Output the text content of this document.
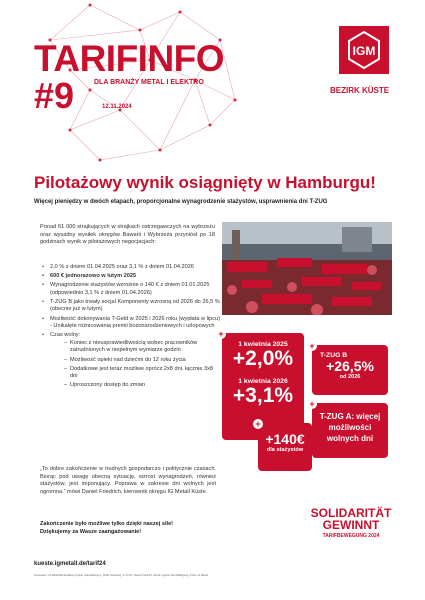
TARIFINFO
#9	DLA BRANŻY METAL I ELEKTRO
12.11.2024
IGM
BEZIRK KÜSTE
Pilotażowy wynik osiągnięty w Hamburgu!
Więcej pieniędzy w dwóch etapach, proporcjonalne wynagrodzenie stażystów, usprawnienia dni T-ZUG
Ponad 61 000 strajkujących w strajkach ostrzegawczych na wybrzeżu oraz wysadny wysiłek okręgów Bawarii i Wybrzeża przyniósł po 18 godzinach wynik w pilotażowych negocjacjach:
• 2,0 % z dniem 01.04.2025 oraz 3,1 % z dniem 01.04.2026
• 600 € jednorazowo w lutym 2025
• Wynagrodzenie stażystów wzrośnie o 140 € z dniem 01.01.2025 (odpowiednio 3,1 % z dniem 01.04.2026)
• T-ZUG B jako trwały socjal Komponenty wzrosną od 2026 do 26,5 % (obecnie już w lutym)
• Możliwość dokonywania T-Geld w 2025 i 2026 roku (wypłata w lipcu) - Unikalęte różnicowania premii bożonarodzeniowych i urlopowych
• Czas wolny:
– Koniec z nieusprawiedliwością wobec pracowników zatrudnionych w niepełnym wymiarze godzin
– Możliwość opieki nad dziećmi do 12 roku życia
– Dodatkowe jest teraz możliwe oprócz 2x8 dni, łącznie 3x8 dni
– Uproszczony dostęp do zmian
„To dobre zakończenie w trudnych gospodarczo i politycznie czasach. Biorąc pod uwagę obecną sytuację, wzrost wynagrodzeń, również stażystów, jest imponujący. Poprawa w zakresie dni wolnych jest ogromna.” mówi Daniel Friedrich, kierownik okręgu IG Metall Küste.
Zakończenie było możliwe tylko dzięki naszej sile!
Dziękujemy za Wasze zaangażowanie!
kueste.igmetall.de/tarif24
Impressum: IG Metall Bezirksleitung Küste, Kapstadtring 6, 22297 Hamburg. V.i.S.d.P.: Daniel Friedrich. Druck: eigene Vervielfältigung. Fotos: IG Metall.
+
1 kwietnia 2025
+2,0%
1 kwietnia 2026
+3,1%
+
T-ZUG B
+26,5%
od 2026
+
T-ZUG A: więcej możliwości wolnych dni
+
+140€
dla stażystów
SOLIDARITÄT
GEWINNT
TARIFBEWEGUNG 2024
